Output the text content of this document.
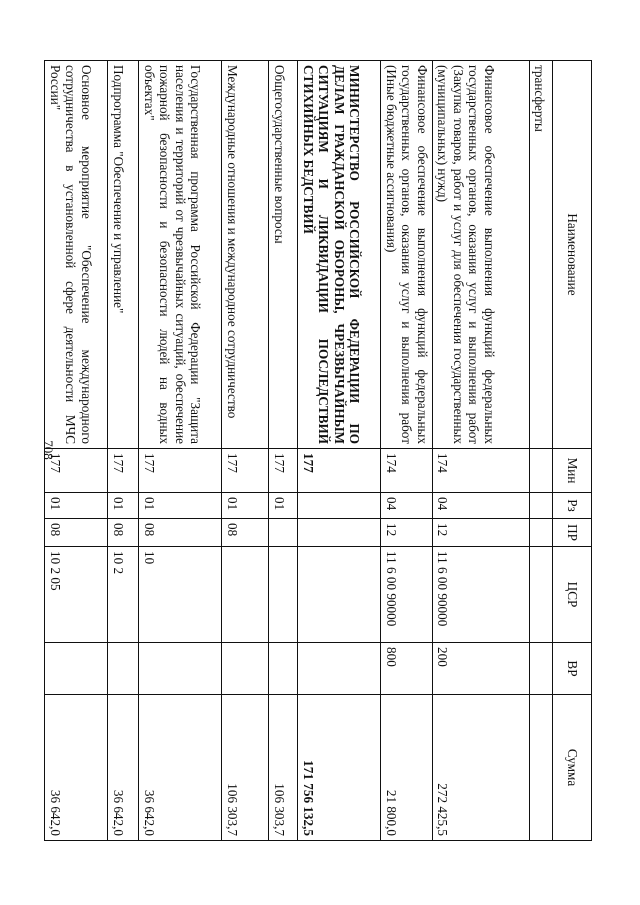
708
Наименование	Мин	Рз	ПР	ЦСР	ВР	Сумма
трансферты						
Финансовое обеспечение выполнения функций федеральных государственных органов, оказания услуг и выполнения работ (Закупка товаров, работ и услуг для обеспечения государственных (муниципальных) нужд)	174	04	12	11 6 00 90000	200	272 425,5
Финансовое обеспечение выполнения функций федеральных государственных органов, оказания услуг и выполнения работ (Иные бюджетные ассигнования)	174	04	12	11 6 00 90000	800	21 800,0
МИНИСТЕРСТВО РОССИЙСКОЙ ФЕДЕРАЦИИ ПО ДЕЛАМ ГРАЖДАНСКОЙ ОБОРОНЫ, ЧРЕЗВЫЧАЙНЫМ СИТУАЦИЯМ И ЛИКВИДАЦИИ ПОСЛЕДСТВИЙ СТИХИЙНЫХ БЕДСТВИЙ	177					171 756 132,5
Общегосударственные вопросы	177	01				106 303,7
Международные отношения и международное сотрудничество	177	01	08			106 303,7
Государственная программа Российской Федерации "Защита населения и территорий от чрезвычайных ситуаций, обеспечение пожарной безопасности и безопасности людей на водных объектах"	177	01	08	10		36 642,0
Подпрограмма "Обеспечение и управление"	177	01	08	10 2		36 642,0
Основное мероприятие "Обеспечение международного сотрудничества в установленной сфере деятельности МЧС России"	177	01	08	10 2 05		36 642,0
